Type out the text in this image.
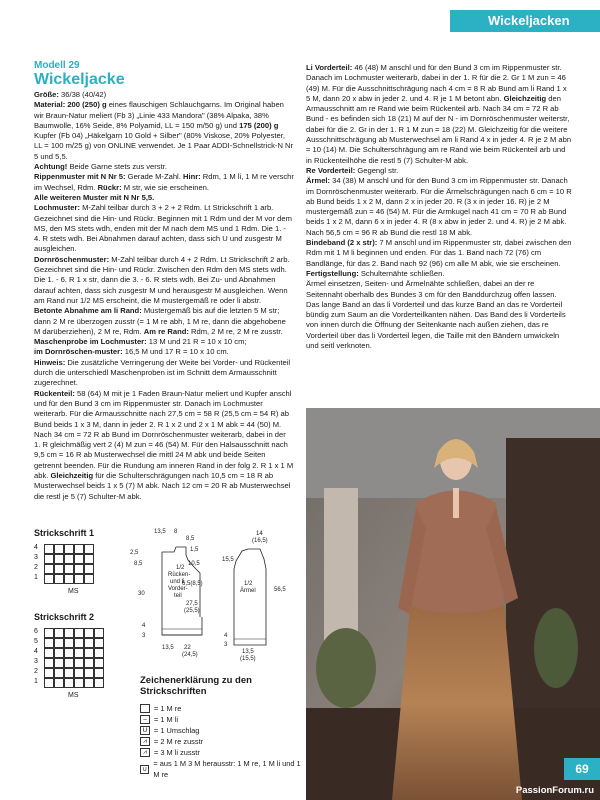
Wickeljacken
Modell 29
Wickeljacke

Größe: 36/38 (40/42)

Material: 200 (250) g eines flauschigen Schlauchgarns. Im Original haben wir Braun-Natur meliert (Fb 3) „Linie 433 Mandora" (38% Alpaka, 38% Baumwolle, 16% Seide, 8% Polyamid, LL = 150 m/50 g) und 175 (200) g Kupfer (Fb 04) „Häkelgarn 10 Gold + Silber" (80% Viskose, 20% Polyester, LL = 100 m/25 g) von ONLINE verwendet. Je 1 Paar ADDI-Schnellstrick-N Nr 5 und 5,5.

Achtung! Beide Garne stets zus verstr.

Rippenmuster mit N Nr 5: Gerade M-Zahl. Hinr: Rdm, 1 M li, 1 M re verschr im Wechsel, Rdm. Rückr: M str, wie sie erscheinen.

Alle weiteren Muster mit N Nr 5,5.

Lochmuster: M-Zahl teilbar durch 3 + 2 + 2 Rdm. Lt Strickschrift 1 arb. Gezeichnet sind die Hin- und Rückr. Beginnen mit 1 Rdm und der M vor dem MS, den MS stets wdh, enden mit der M nach dem MS und 1 Rdm. Die 1. - 4. R stets wdh. Bei Abnahmen darauf achten, dass sich U und zusgestr M ausgleichen.

Dornröschenmuster: M-Zahl teilbar durch 4 + 2 Rdm. Lt Strickschrift 2 arb. Gezeichnet sind die Hin- und Rückr. Zwischen den Rdm den MS stets wdh. Die 1. - 6. R 1 x str, dann die 3. - 6. R stets wdh. Bei Zu- und Abnahmen darauf achten, dass sich zusgestr M und herausgestr M ausgleichen. Wenn am Rand nur 1/2 MS erscheint, die M mustergemäß re oder li abstr.

Betonte Abnahme am li Rand: Mustergemäß bis auf die letzten 5 M str; dann 2 M re überzogen zusstr (= 1 M re abh, 1 M re, dann die abgehobene M darüberziehen), 2 M re, Rdm. Am re Rand: Rdm, 2 M re, 2 M re zusstr.

Maschenprobe im Lochmuster: 13 M und 21 R = 10 x 10 cm;

im Dornröschen-muster: 16,5 M und 17 R = 10 x 10 cm.

Hinweis: Die zusätzliche Verringerung der Weite bei Vorder- und Rückenteil durch die unterschiedl Maschenproben ist im Schnitt dem Armausschnitt zugerechnet.

Rückenteil: 58 (64) M mit je 1 Faden Braun-Natur meliert und Kupfer anschl und für den Bund 3 cm im Rippenmuster str. Danach im Lochmuster weiterarb. Für die Armausschnitte nach 27,5 cm = 58 R (25,5 cm = 54 R) ab Bund beids 1 x 3 M, dann in jeder 2. R 1 x 2 und 2 x 1 M abk = 44 (50) M. Nach 34 cm = 72 R ab Bund im Dornröschenmuster weiterarb, dabei in der 1. R gleichmäßig vert 2 (4) M zun = 46 (54) M. Für den Halsausschnitt nach 9,5 cm = 16 R ab Musterwechsel die mittl 24 M abk und beide Seiten getrennt beenden. Für die Rundung am inneren Rand in der folg 2. R 1 x 1 M abk. Gleichzeitig für die Schulterschrägungen nach 10,5 cm = 18 R ab Musterwechsel beids 1 x 5 (7) M abk. Nach 12 cm = 20 R ab Musterwechsel die restl je 5 (7) Schulter-M abk.

Li Vorderteil: 46 (48) M anschl und für den Bund 3 cm im Rippenmuster str. Danach im Lochmuster weiterarb, dabei in der 1. R für die 2. Gr 1 M zun = 46 (49) M. Für die Ausschnittschrägung nach 4 cm = 8 R ab Bund am li Rand 1 x 5 M, dann 20 x abw in jeder 2. und 4. R je 1 M betont abn. Gleichzeitig den Armausschnitt am re Rand wie beim Rückenteil arb. Nach 34 cm = 72 R ab Bund - es befinden sich 18 (21) M auf der N - im Dornröschenmuster weiterstr, dabei für die 2. Gr in der 1. R 1 M zun = 18 (22) M. Gleichzeitig für die weitere Ausschnittschrägung ab Musterwechsel am li Rand 4 x in jeder 4. R je 2 M abn = 10 (14) M. Die Schulterschrägung am re Rand wie beim Rückenteil arb und in Rückenteilhöhe die restl 5 (7) Schulter-M abk.

Re Vorderteil: Gegengl str.

Ärmel: 34 (38) M anschl und für den Bund 3 cm im Rippenmuster str. Danach im Dornröschenmuster weiterarb. Für die Ärmelschrägungen nach 6 cm = 10 R ab Bund beids 1 x 2 M, dann 2 x in jeder 20. R (3 x in jeder 16. R) je 2 M mustergemäß zun = 46 (54) M. Für die Armkugel nach 41 cm = 70 R ab Bund beids 1 x 2 M, dann 6 x in jeder 4. R (8 x abw in jeder 2. und 4. R) je 2 M abk. Nach 56,5 cm = 96 R ab Bund die restl 18 M abk.

Bindeband (2 x str): 7 M anschl und im Rippenmuster str, dabei zwischen den Rdm mit 1 M li beginnen und enden. Für das 1. Band nach 72 (76) cm Bandlänge, für das 2. Band nach 92 (96) cm alle M abk, wie sie erscheinen.

Fertigstellung: Schulternähte schließen.

Ärmel einsetzen, Seiten- und Ärmelnähte schließen, dabei an der re Seitennaht oberhalb des Bundes 3 cm für den Banddurchzug offen lassen. Das lange Band an das li Vorderteil und das kurze Band an das re Vorderteil bündig zum Saum an die Vorderteilkanten nähen. Das Band des li Vorderteils von innen durch die Öffnung der Seitenkante nach außen ziehen, das re Vorderteil über das li Vorderteil legen, die Taille mit den Bändern umwickeln und seitl verknoten.

Strickschrift 1
4
3
2
1
MS
Strickschrift 2
6
5
4
3
2
1
MS
1/2
Rücken-
und li
Vorder-
teil
1/2
Ärmel
13,5 8
8,5
2,5
8,5
30
4
3
1,5
10,5
6,5(8,5)
27,5
(25,5)
13,5 22
(24,5)
14
(16,5)
15,5
56,5
4
3
13,5
(15,5)
Zeichenerklärung zu den Strickschriften
= 1 M re
– = 1 M li
U = 1 Umschlag
⩘ = 2 M re zusstr
⩘ = 3 M li zusstr
∪
= aus 1 M 3 M herausstr: 1 M re, 1 M li und 1 M re	69
PassionForum.ru
